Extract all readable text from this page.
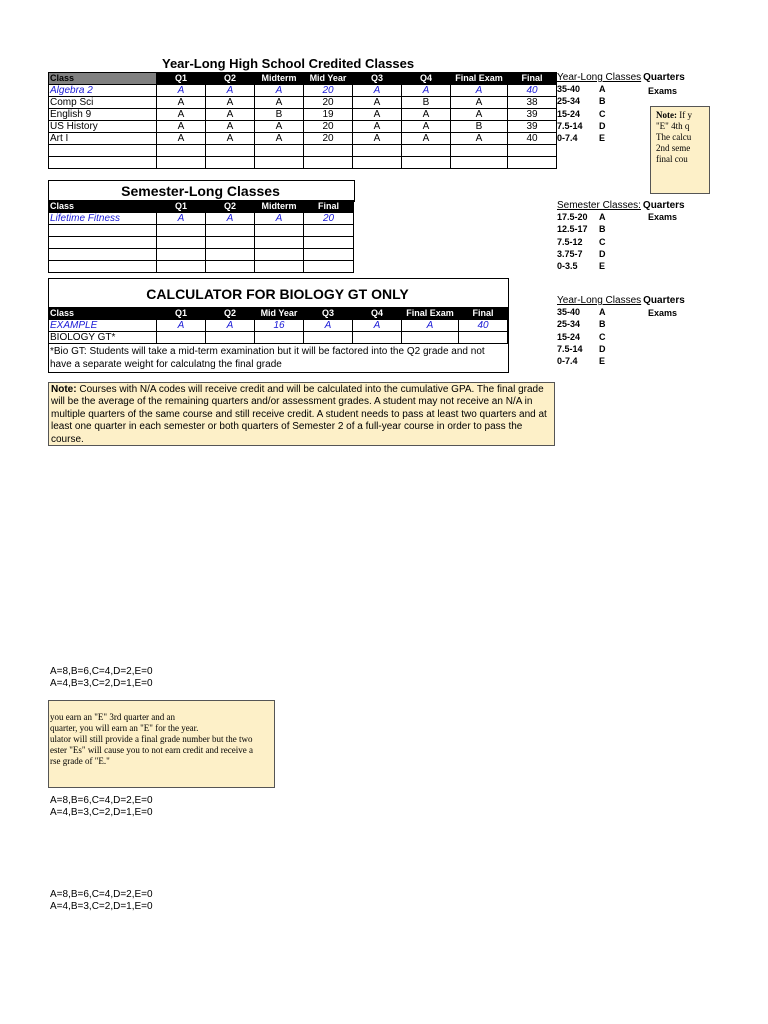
Year-Long High School Credited Classes
Class	Q1	Q2	Midterm	Mid Year	Q3	Q4	Final Exam	Final
Algebra 2	A	A	A	20	A	A	A	40
Comp Sci	A	A	A	20	A	B	A	38
English 9	A	A	B	19	A	A	A	39
US History	A	A	A	20	A	A	B	39
Art I	A	A	A	20	A	A	A	40

Semester-Long Classes
Class	Q1	Q2	Midterm	Final
Lifetime Fitness	A	A	A	20

CALCULATOR FOR BIOLOGY GT ONLY
Class	Q1	Q2	Mid Year	Q3	Q4	Final Exam	Final
EXAMPLE	A	A	16	A	A	A	40
BIOLOGY GT*							
*Bio GT: Students will take a mid-term examination but it will be factored into the Q2 grade and not have a separate weight for calculatng the final grade
Note: Courses with N/A codes will receive credit and will be calculated into the cumulative GPA. The final grade will be the average of the remaining quarters and/or assessment grades. A student may not receive an N/A in multiple quarters of the same course and still receive credit. A student needs to pass at least two quarters and at least one quarter in each semester or both quarters of Semester 2 of a full-year course in order to pass the course.
Year-Long Classes Quarters
35-40 A
25-34 B
15-24 C
7.5-14 D
0-7.4 E
Exams
Note: If y
"E" 4th q
The calcu
2nd seme
final cou
Semester Classes: Quarters
17.5-20 A
12.5-17 B
7.5-12 C
3.75-7 D
0-3.5 E
Exams
Year-Long Classes Quarters
35-40 A
25-34 B
15-24 C
7.5-14 D
0-7.4 E
Exams
A=8,B=6,C=4,D=2,E=0
A=4,B=3,C=2,D=1,E=0
you earn an "E" 3rd quarter and an
quarter, you will earn an "E" for the year.
ulator will still provide a final grade number but the two
ester "Es" will cause you to not earn credit and receive a
rse grade of "E."
A=8,B=6,C=4,D=2,E=0
A=4,B=3,C=2,D=1,E=0
A=8,B=6,C=4,D=2,E=0
A=4,B=3,C=2,D=1,E=0
